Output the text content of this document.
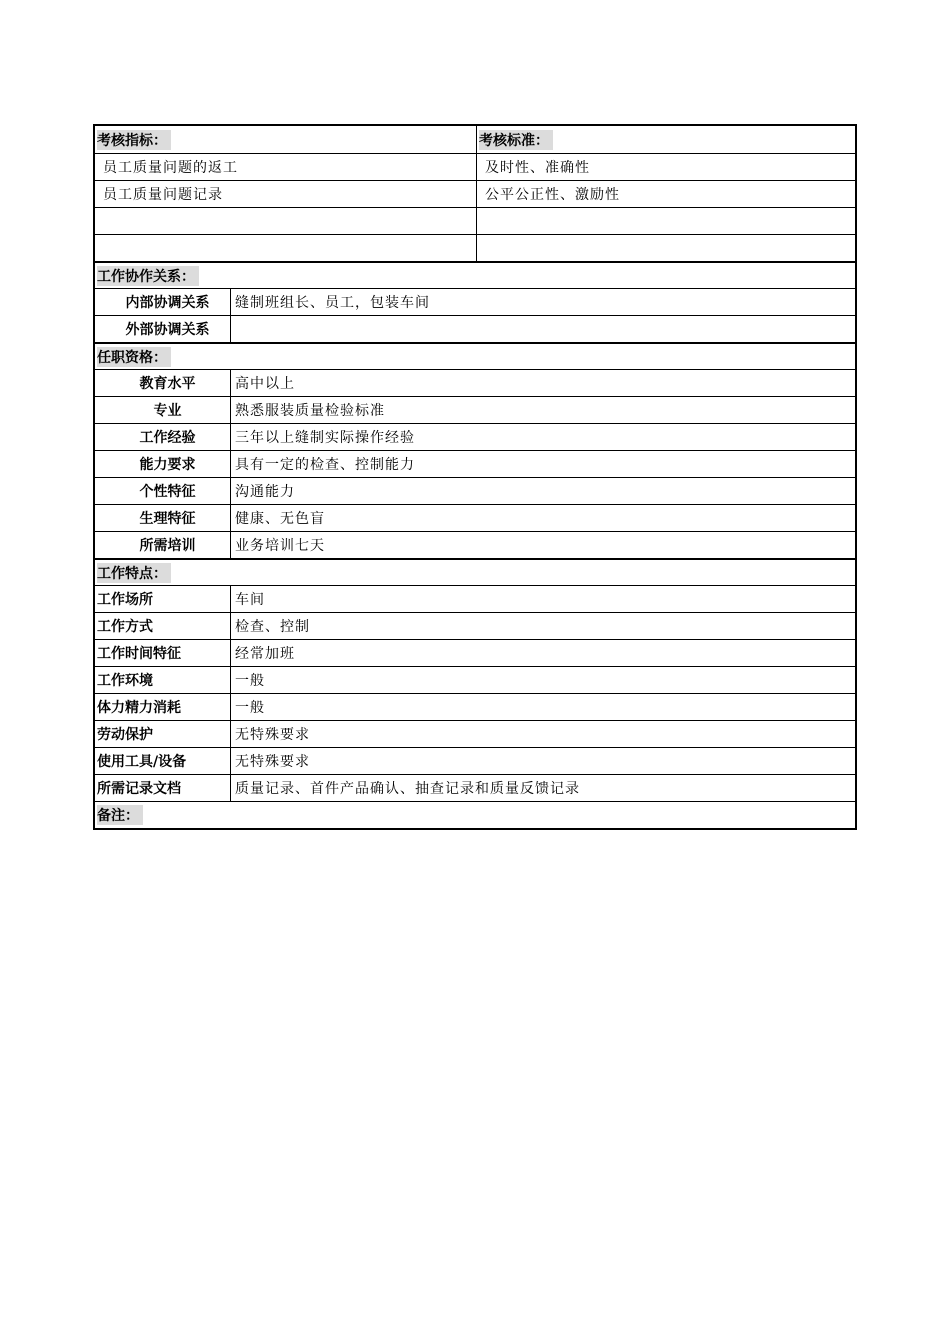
考核指标：	考核标准：
员工质量问题的返工	及时性、准确性
员工质量问题记录	公平公正性、激励性
工作协作关系：
内部协调关系	缝制班组长、员工，包装车间
外部协调关系
任职资格：
教育水平	高中以上
专业	熟悉服装质量检验标准
工作经验	三年以上缝制实际操作经验
能力要求	具有一定的检查、控制能力
个性特征	沟通能力
生理特征	健康、无色盲
所需培训	业务培训七天
工作特点：
工作场所	车间
工作方式	检查、控制
工作时间特征	经常加班
工作环境	一般
体力精力消耗	一般
劳动保护	无特殊要求
使用工具/设备	无特殊要求
所需记录文档	质量记录、首件产品确认、抽查记录和质量反馈记录
备注：
